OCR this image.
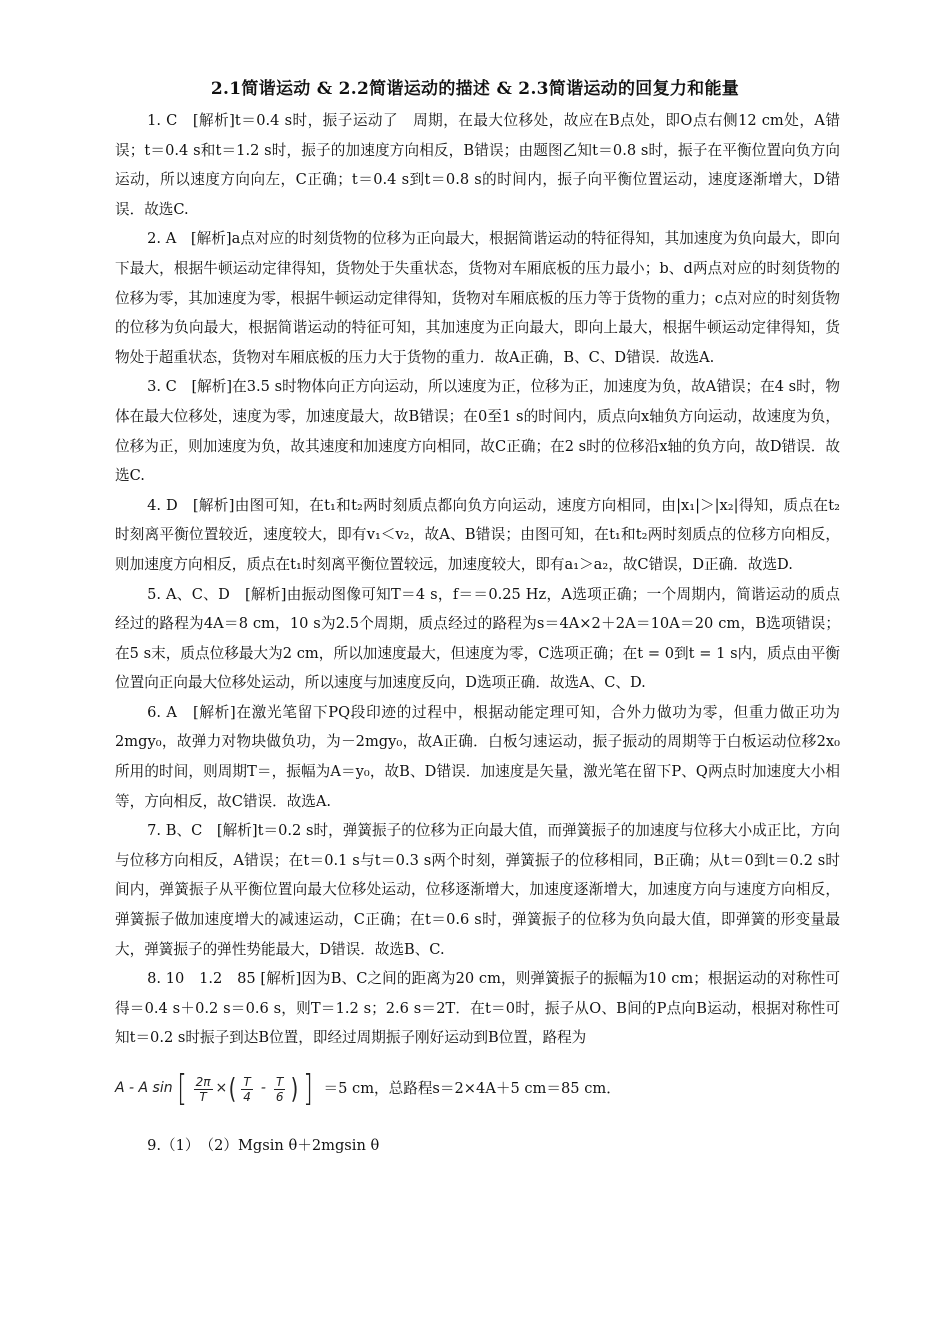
2.1简谐运动 & 2.2简谐运动的描述 & 2.3简谐运动的回复力和能量

1. C　[解析]t＝0.4 s时，振子运动了　周期，在最大位移处，故应在B点处，即O点右侧12 cm处，A错误；t＝0.4 s和t＝1.2 s时，振子的加速度方向相反，B错误；由题图乙知t＝0.8 s时，振子在平衡位置向负方向运动，所以速度方向向左，C正确；t＝0.4 s到t＝0.8 s的时间内，振子向平衡位置运动，速度逐渐增大，D错误．故选C.

2. A　[解析]a点对应的时刻货物的位移为正向最大，根据简谐运动的特征得知，其加速度为负向最大，即向下最大，根据牛顿运动定律得知，货物处于失重状态，货物对车厢底板的压力最小；b、d两点对应的时刻货物的位移为零，其加速度为零，根据牛顿运动定律得知，货物对车厢底板的压力等于货物的重力；c点对应的时刻货物的位移为负向最大，根据简谐运动的特征可知，其加速度为正向最大，即向上最大，根据牛顿运动定律得知，货物处于超重状态，货物对车厢底板的压力大于货物的重力．故A正确，B、C、D错误．故选A.

3. C　[解析]在3.5 s时物体向正方向运动，所以速度为正，位移为正，加速度为负，故A错误；在4 s时，物体在最大位移处，速度为零，加速度最大，故B错误；在0至1 s的时间内，质点向x轴负方向运动，故速度为负，位移为正，则加速度为负，故其速度和加速度方向相同，故C正确；在2 s时的位移沿x轴的负方向，故D错误．故选C.

4. D　[解析]由图可知，在t₁和t₂两时刻质点都向负方向运动，速度方向相同，由|x₁|＞|x₂|得知，质点在t₂时刻离平衡位置较近，速度较大，即有v₁＜v₂，故A、B错误；由图可知，在t₁和t₂两时刻质点的位移方向相反，则加速度方向相反，质点在t₁时刻离平衡位置较远，加速度较大，即有a₁＞a₂，故C错误，D正确．故选D.

5. A、C、D　[解析]由振动图像可知T＝4 s，f＝＝0.25 Hz，A选项正确；一个周期内，简谐运动的质点经过的路程为4A＝8 cm，10 s为2.5个周期，质点经过的路程为s＝4A×2＋2A＝10A＝20 cm，B选项错误；在5 s末，质点位移最大为2 cm，所以加速度最大，但速度为零，C选项正确；在t = 0到t = 1 s内，质点由平衡位置向正向最大位移处运动，所以速度与加速度反向，D选项正确．故选A、C、D.

6. A　[解析]在激光笔留下PQ段印迹的过程中，根据动能定理可知，合外力做功为零，但重力做正功为2mgy₀，故弹力对物块做负功，为－2mgy₀，故A正确．白板匀速运动，振子振动的周期等于白板运动位移2x₀所用的时间，则周期T＝，振幅为A＝y₀，故B、D错误．加速度是矢量，激光笔在留下P、Q两点时加速度大小相等，方向相反，故C错误．故选A.

7. B、C　[解析]t＝0.2 s时，弹簧振子的位移为正向最大值，而弹簧振子的加速度与位移大小成正比，方向与位移方向相反，A错误；在t＝0.1 s与t＝0.3 s两个时刻，弹簧振子的位移相同，B正确；从t＝0到t＝0.2 s时间内，弹簧振子从平衡位置向最大位移处运动，位移逐渐增大，加速度逐渐增大，加速度方向与速度方向相反，弹簧振子做加速度增大的减速运动，C正确；在t＝0.6 s时，弹簧振子的位移为负向最大值，即弹簧的形变量最大，弹簧振子的弹性势能最大，D错误．故选B、C.

8. 10　1.2　85 [解析]因为B、C之间的距离为20 cm，则弹簧振子的振幅为10 cm；根据运动的对称性可得＝0.4 s＋0.2 s＝0.6 s，则T＝1.2 s；2.6 s＝2T．在t＝0时，振子从O、B间的P点向B运动，根据对称性可知t＝0.2 s时振子到达B位置，即经过周期振子刚好运动到B位置，路程为

A - A sin [ $\frac{2\pi}{T}$ × ( $\frac{T}{4} - \frac{T}{6}$ ) ] ＝5 cm，总路程s＝2×4A＋5 cm＝85 cm．

9.（1）　（2）Mgsin θ＋2mgsin θ
